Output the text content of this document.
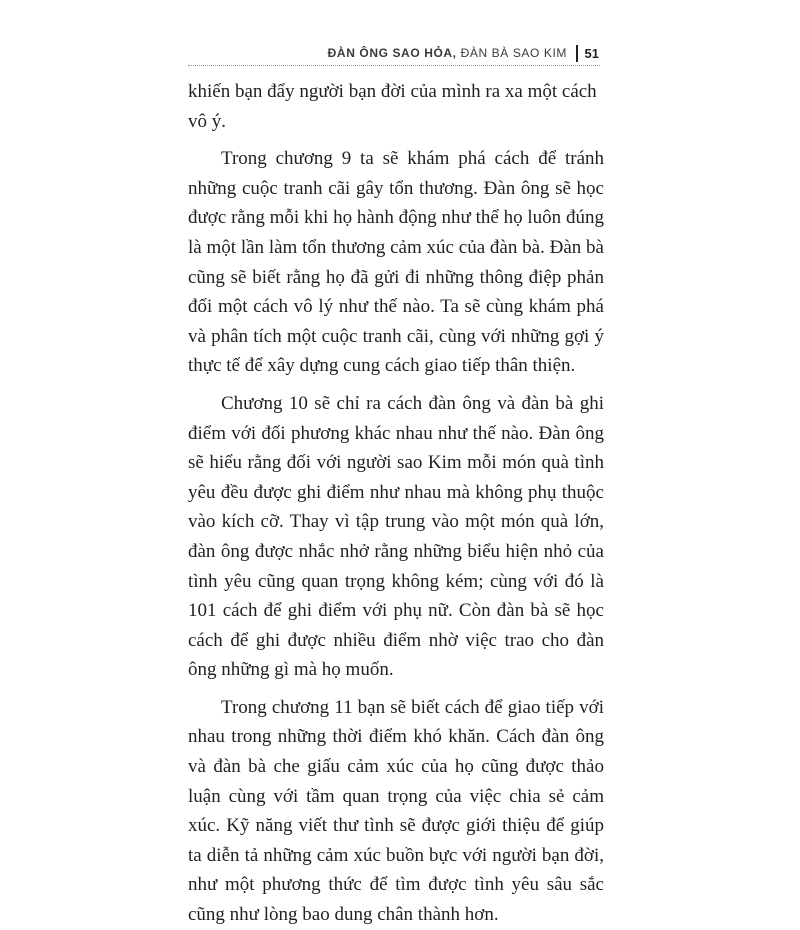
ĐÀN ÔNG SAO HỎA, ĐÀN BÀ SAO KIM 51

khiến bạn đẩy người bạn đời của mình ra xa một cách vô ý.

Trong chương 9 ta sẽ khám phá cách để tránh những cuộc tranh cãi gây tổn thương. Đàn ông sẽ học được rằng mỗi khi họ hành động như thể họ luôn đúng là một lần làm tổn thương cảm xúc của đàn bà. Đàn bà cũng sẽ biết rằng họ đã gửi đi những thông điệp phản đối một cách vô lý như thế nào. Ta sẽ cùng khám phá và phân tích một cuộc tranh cãi, cùng với những gợi ý thực tế để xây dựng cung cách giao tiếp thân thiện.

Chương 10 sẽ chỉ ra cách đàn ông và đàn bà ghi điểm với đối phương khác nhau như thế nào. Đàn ông sẽ hiểu rằng đối với người sao Kim mỗi món quà tình yêu đều được ghi điểm như nhau mà không phụ thuộc vào kích cỡ. Thay vì tập trung vào một món quà lớn, đàn ông được nhắc nhở rằng những biểu hiện nhỏ của tình yêu cũng quan trọng không kém; cùng với đó là 101 cách để ghi điểm với phụ nữ. Còn đàn bà sẽ học cách để ghi được nhiều điểm nhờ việc trao cho đàn ông những gì mà họ muốn.

Trong chương 11 bạn sẽ biết cách để giao tiếp với nhau trong những thời điểm khó khăn. Cách đàn ông và đàn bà che giấu cảm xúc của họ cũng được thảo luận cùng với tầm quan trọng của việc chia sẻ cảm xúc. Kỹ năng viết thư tình sẽ được giới thiệu để giúp ta diễn tả những cảm xúc buồn bực với người bạn đời, như một phương thức để tìm được tình yêu sâu sắc cũng như lòng bao dung chân thành hơn.
